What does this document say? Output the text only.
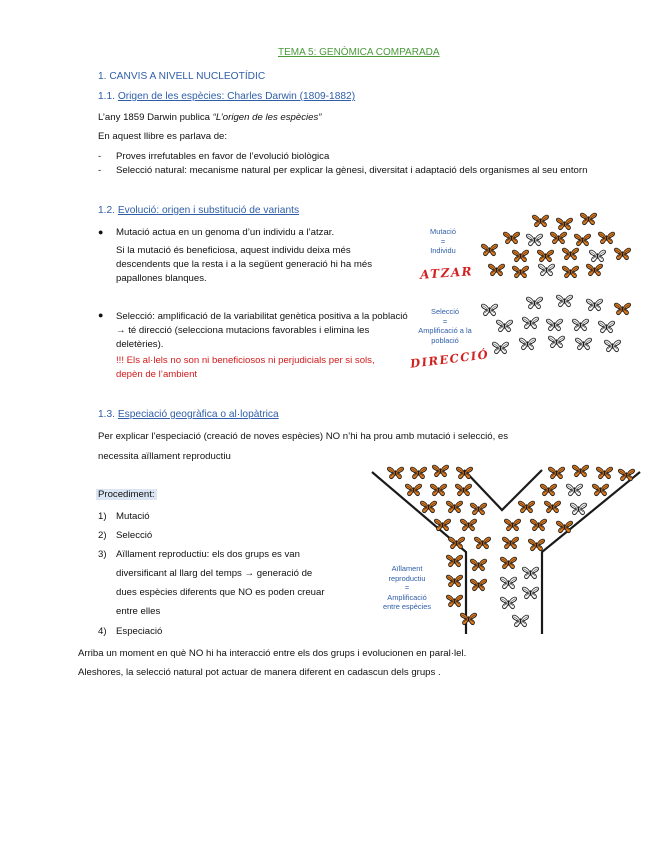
TEMA 5: GENÒMICA COMPARADA
1. CANVIS A NIVELL NUCLEOTÍDIC
1.1. Origen de les espècies: Charles Darwin (1809-1882)
L’any 1859 Darwin publica “L’origen de les espècies”
En aquest llibre es parlava de:
- Proves irrefutables en favor de l’evolució biològica
- Selecció natural: mecanisme natural per explicar la gènesi, diversitat i adaptació dels organismes al seu entorn
1.2. Evolució: origen i substitució de variants
● Mutació actua en un genoma d’un individu a l’atzar.
Si la mutació és beneficiosa, aquest individu deixa més descendents que la resta i a la següent generació hi ha més papallones blanques.
● Selecció: amplificació de la variabilitat genètica positiva a la població → té direcció (selecciona mutacions favorables i elimina les deletèries).
!!! Els al·lels no son ni beneficiosos ni perjudicials per si sols, depèn de l’ambient
Mutació
=
Individu
ATZAR
Selecció
=
Amplificació a la
població
DIRECCIÓ
1.3. Especiació geogràfica o al·lopàtrica
Per explicar l’especiació (creació de noves espècies) NO n’hi ha prou amb mutació i selecció, es
necessita aïllament reproductiu
Procediment:
1) Mutació
2) Selecció
3) Aïllament reproductiu: els dos grups es van
diversificant al llarg del temps → generació de
dues espècies diferents que NO es poden creuar
entre elles
4) Especiació
Arriba un moment en què NO hi ha interacció entre els dos grups i evolucionen en paral·lel.
Aleshores, la selecció natural pot actuar de manera diferent en cadascun dels grups .
Aïllament
reproductiu
=
Amplificació
entre espècies
